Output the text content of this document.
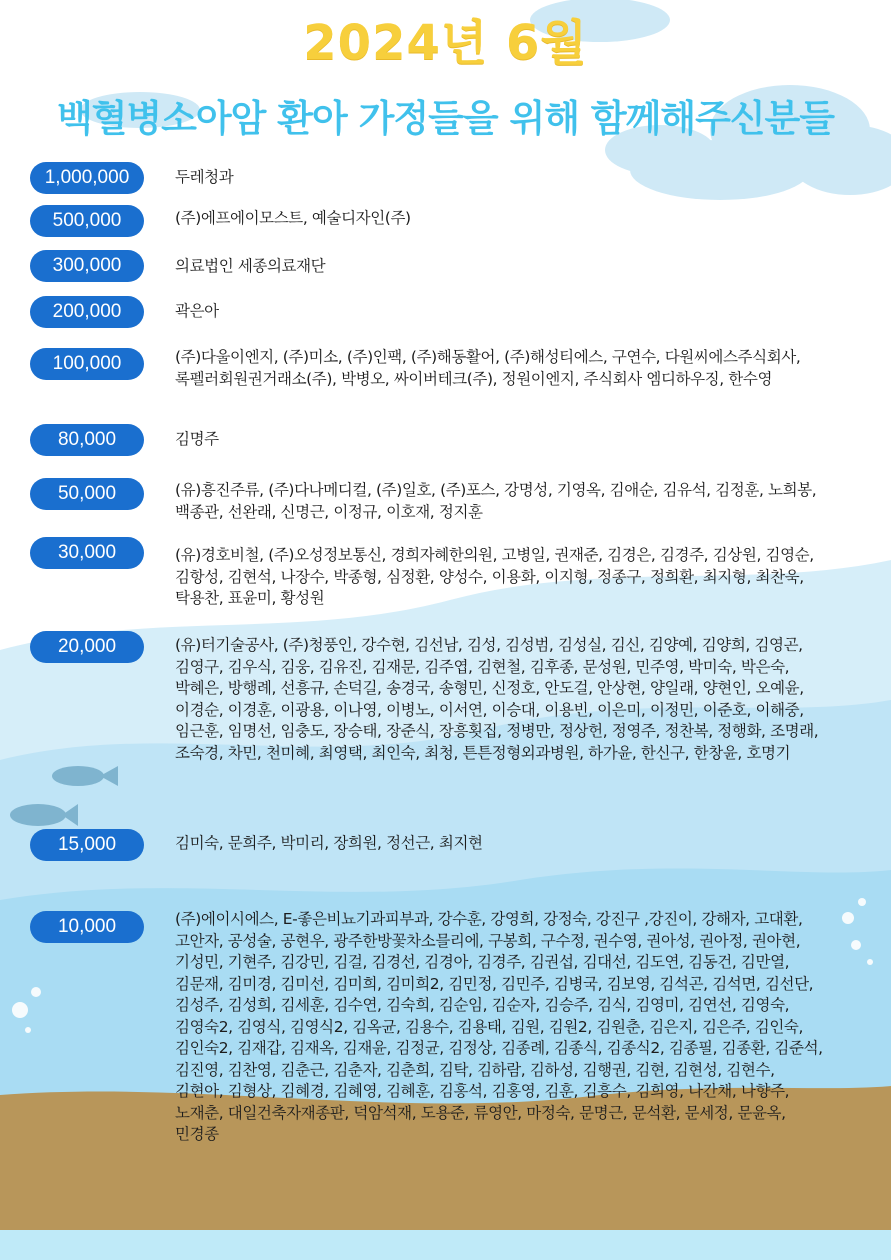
2024년 6월
백혈병소아암 환아 가정들을 위해 함께해주신분들
1,000,000	두레청과
500,000	(주)에프에이모스트, 예술디자인(주)
300,000	의료법인 세종의료재단
200,000	곽은아
100,000	(주)다울이엔지, (주)미소, (주)인팩, (주)해동활어, (주)해성티에스, 구연수, 다원씨에스주식회사, 록펠러회원권거래소(주), 박병오, 싸이버테크(주), 정원이엔지, 주식회사 엠디하우징, 한수영
80,000	김명주
50,000	(유)흥진주류, (주)다나메디컬, (주)일호, (주)포스, 강명성, 기영옥, 김애순, 김유석, 김정훈, 노희봉, 백종관, 선완래, 신명근, 이정규, 이호재, 정지훈
30,000	(유)경호비철, (주)오성정보통신, 경희자혜한의원, 고병일, 권재준, 김경은, 김경주, 김상원, 김영순, 김항성, 김현석, 나장수, 박종형, 심정환, 양성수, 이용화, 이지형, 정종구, 정희환, 최지형, 최찬욱, 탁용찬, 표윤미, 황성원
20,000	(유)터기술공사, (주)청풍인, 강수현, 김선남, 김성, 김성범, 김성실, 김신, 김양예, 김양희, 김영곤, 김영구, 김우식, 김웅, 김유진, 김재문, 김주엽, 김현철, 김후종, 문성원, 민주영, 박미숙, 박은숙, 박혜은, 방행례, 선흥규, 손덕길, 송경국, 송형민, 신정호, 안도걸, 안상현, 양일래, 양현인, 오예윤, 이경순, 이경훈, 이광용, 이나영, 이병노, 이서연, 이승대, 이용빈, 이은미, 이정민, 이준호, 이해중, 임근훈, 임명선, 임충도, 장승태, 장준식, 장흥횟집, 정병만, 정상헌, 정영주, 정찬복, 정행화, 조명래, 조숙경, 차민, 천미혜, 최영택, 최인숙, 최청, 튼튼정형외과병원, 하가윤, 한신구, 한창윤, 호명기
15,000	김미숙, 문희주, 박미리, 장희원, 정선근, 최지현
10,000	(주)에이시에스, E-좋은비뇨기과피부과, 강수훈, 강영희, 강정숙, 강진구 ,강진이, 강해자, 고대환, 고안자, 공성술, 공현우, 광주한방꽃차소믈리에, 구봉희, 구수정, 권수영, 권아성, 권아정, 권아현, 기성민, 기현주, 김강민, 김걸, 김경선, 김경아, 김경주, 김권섭, 김대선, 김도연, 김동건, 김만열, 김문재, 김미경, 김미선, 김미희, 김미희2, 김민정, 김민주, 김병국, 김보영, 김석곤, 김석면, 김선단, 김성주, 김성희, 김세훈, 김수연, 김숙희, 김순임, 김순자, 김승주, 김식, 김영미, 김연선, 김영숙, 김영숙2, 김영식, 김영식2, 김옥균, 김용수, 김용태, 김원, 김원2, 김원춘, 김은지, 김은주, 김인숙, 김인숙2, 김재갑, 김재옥, 김재윤, 김정균, 김정상, 김종례, 김종식, 김종식2, 김종필, 김종환, 김준석, 김진영, 김찬영, 김춘근, 김춘자, 김춘희, 김탁, 김하람, 김하성, 김행권, 김현, 김현성, 김현수, 김현아, 김형상, 김혜경, 김혜영, 김혜훈, 김홍석, 김홍영, 김훈, 김흥수, 김희영, 나간채, 나향주, 노재춘, 대일건축자재종판, 덕암석재, 도용준, 류영안, 마정숙, 문명근, 문석환, 문세정, 문윤옥, 민경종
